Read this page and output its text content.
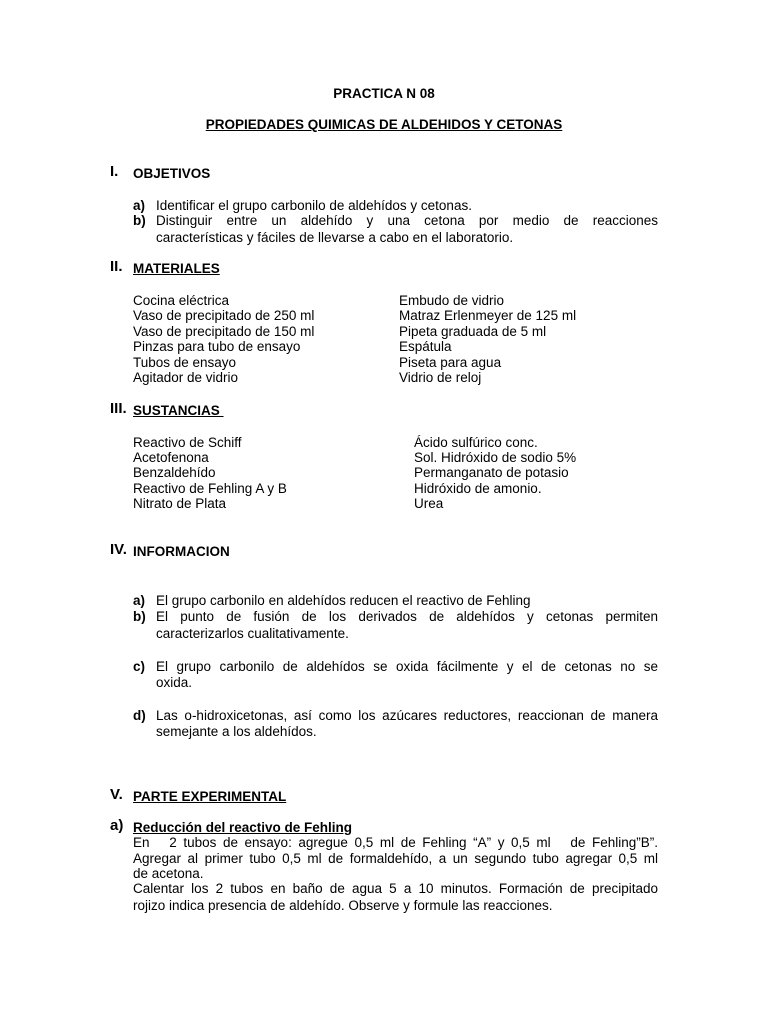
PRACTICA N 08
PROPIEDADES QUIMICAS DE ALDEHIDOS Y CETONAS
I. OBJETIVOS
a) Identificar el grupo carbonilo de aldehídos y cetonas.
b) Distinguir entre un aldehído y una cetona por medio de reacciones
características y fáciles de llevarse a cabo en el laboratorio.
II. MATERIALES
Cocina eléctrica
Vaso de precipitado de 250 ml
Vaso de precipitado de 150 ml
Pinzas para tubo de ensayo
Tubos de ensayo
Agitador de vidrio
Embudo de vidrio
Matraz Erlenmeyer de 125 ml
Pipeta graduada de 5 ml
Espátula
Piseta para agua
Vidrio de reloj
III. SUSTANCIAS
Reactivo de Schiff
Acetofenona
Benzaldehído
Reactivo de Fehling A y B
Nitrato de Plata
Ácido sulfúrico conc.
Sol. Hidróxido de sodio 5%
Permanganato de potasio
Hidróxido de amonio.
Urea
IV. INFORMACION
a) El grupo carbonilo en aldehídos reducen el reactivo de Fehling
b) El punto de fusión de los derivados de aldehídos y cetonas permiten
caracterizarlos cualitativamente.
c) El grupo carbonilo de aldehídos se oxida fácilmente y el de cetonas no se
oxida.
d) Las o-hidroxicetonas, así como los azúcares reductores, reaccionan de manera
semejante a los aldehídos.
V. PARTE EXPERIMENTAL
a) Reducción del reactivo de Fehling
En   2 tubos de ensayo: agregue 0,5 ml de Fehling “A” y 0,5 ml   de Fehling”B”.
Agregar al primer tubo 0,5 ml de formaldehído, a un segundo tubo agregar 0,5 ml
de acetona.
Calentar los 2 tubos en baño de agua 5 a 10 minutos. Formación de precipitado
rojizo indica presencia de aldehído. Observe y formule las reacciones.
